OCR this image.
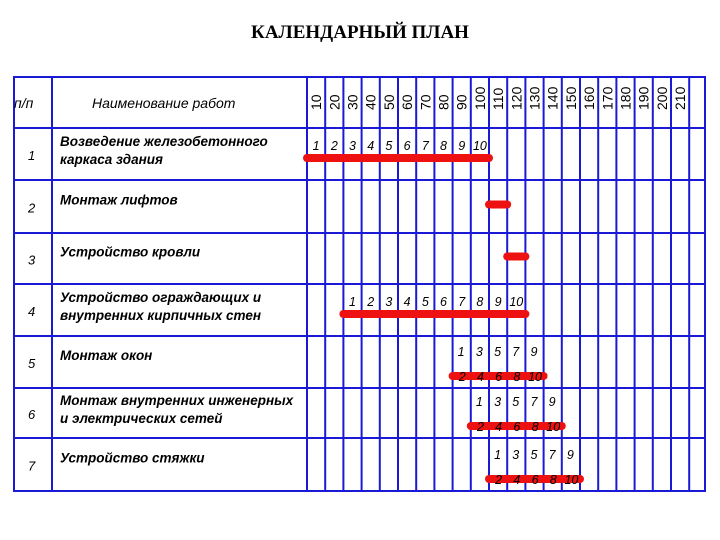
КАЛЕНДАРНЫЙ ПЛАН
10 20 30 40 50 60 70 80 90 100 110 120 130 140 150 160 170 180 190 200 210
1
Возведение железобетонного
каркаса здания
2
Монтаж лифтов
3
Устройство кровли
4
Устройство ограждающих и
внутренних кирпичных стен
5
Монтаж окон
6
Монтаж внутренних инженерных
и электрических сетей
7
Устройство стяжки
1 2 3 4 5 6 7 8 9 10
1 2 3 4 5 6 7 8 9 10
1 3 5 7 9
2 4 6 8 10
1 3 5 7 9
2 4 6 8 10
1 3 5 7 9
2 4 6 8 10
п/п	Наименование работ
